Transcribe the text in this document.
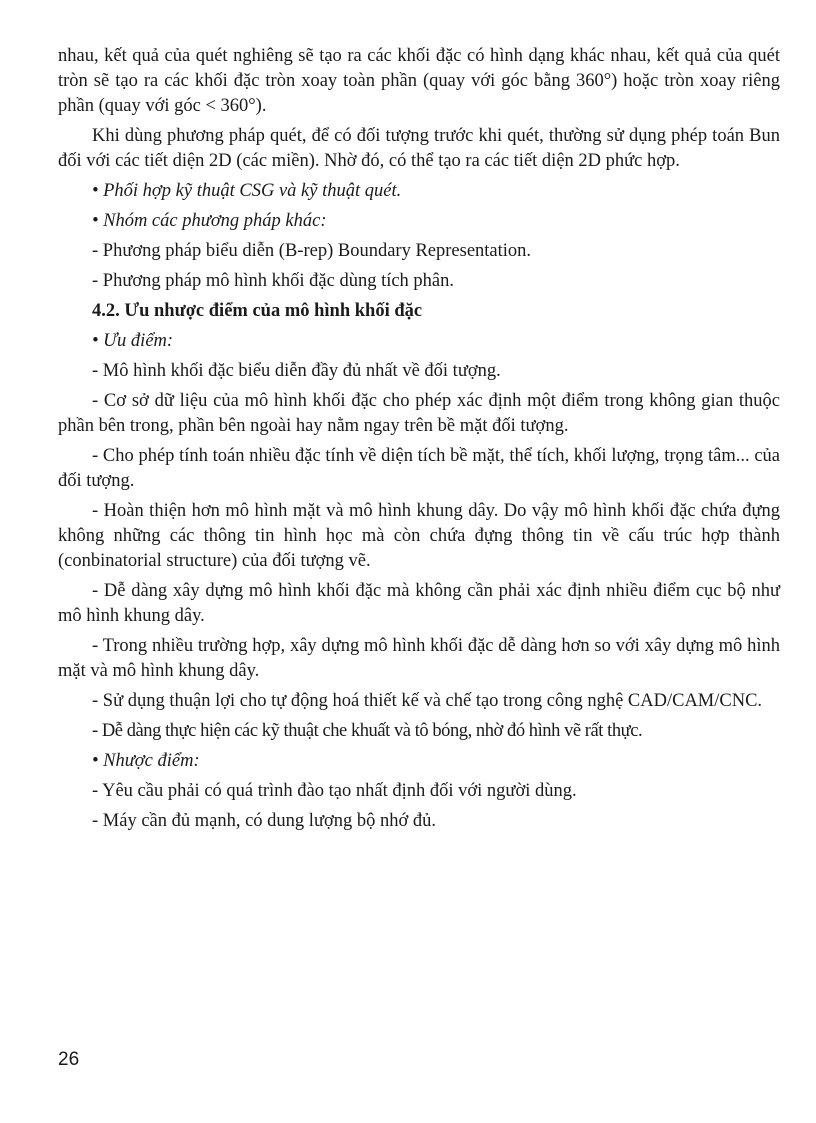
nhau, kết quả của quét nghiêng sẽ tạo ra các khối đặc có hình dạng khác nhau, kết quả của quét tròn sẽ tạo ra các khối đặc tròn xoay toàn phần (quay với góc bằng 360°) hoặc tròn xoay riêng phần (quay với góc < 360°).

Khi dùng phương pháp quét, để có đối tượng trước khi quét, thường sử dụng phép toán Bun đối với các tiết diện 2D (các miền). Nhờ đó, có thể tạo ra các tiết diện 2D phức hợp.

• Phối hợp kỹ thuật CSG và kỹ thuật quét.

• Nhóm các phương pháp khác:

- Phương pháp biểu diễn (B-rep) Boundary Representation.

- Phương pháp mô hình khối đặc dùng tích phân.

4.2. Ưu nhược điểm của mô hình khối đặc

• Ưu điểm:

- Mô hình khối đặc biểu diễn đầy đủ nhất về đối tượng.

- Cơ sở dữ liệu của mô hình khối đặc cho phép xác định một điểm trong không gian thuộc phần bên trong, phần bên ngoài hay nằm ngay trên bề mặt đối tượng.

- Cho phép tính toán nhiều đặc tính về diện tích bề mặt, thể tích, khối lượng, trọng tâm... của đối tượng.

- Hoàn thiện hơn mô hình mặt và mô hình khung dây. Do vậy mô hình khối đặc chứa đựng không những các thông tin hình học mà còn chứa đựng thông tin về cấu trúc hợp thành (conbinatorial structure) của đối tượng vẽ.

- Dễ dàng xây dựng mô hình khối đặc mà không cần phải xác định nhiều điểm cục bộ như mô hình khung dây.

- Trong nhiều trường hợp, xây dựng mô hình khối đặc dễ dàng hơn so với xây dựng mô hình mặt và mô hình khung dây.

- Sử dụng thuận lợi cho tự động hoá thiết kế và chế tạo trong công nghệ CAD/CAM/CNC.

- Dễ dàng thực hiện các kỹ thuật che khuất và tô bóng, nhờ đó hình vẽ rất thực.

• Nhược điểm:

- Yêu cầu phải có quá trình đào tạo nhất định đối với người dùng.

- Máy cần đủ mạnh, có dung lượng bộ nhớ đủ.

26
